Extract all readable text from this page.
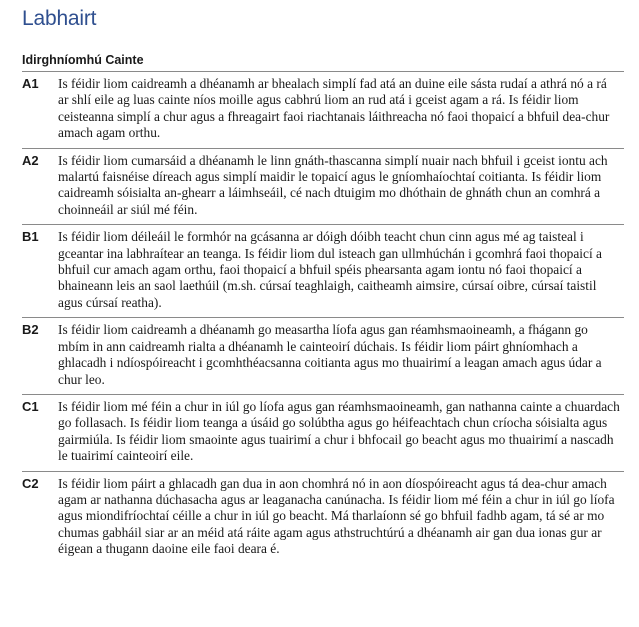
Labhairt
Idirghníomhú Cainte
A1	Is féidir liom caidreamh a dhéanamh ar bhealach simplí fad atá an duine eile sásta rudaí a athrá nó a rá ar shlí eile ag luas cainte níos moille agus cabhrú liom an rud atá i gceist agam a rá. Is féidir liom ceisteanna simplí a chur agus a fhreagairt faoi riachtanais láithreacha nó faoi thopaicí a bhfuil dea-chur amach agam orthu.
A2	Is féidir liom cumarsáid a dhéanamh le linn gnáth-thascanna simplí nuair nach bhfuil i gceist iontu ach malartú faisnéise díreach agus simplí maidir le topaicí agus le gníomhaíochtaí coitianta. Is féidir liom caidreamh sóisialta an-ghearr a láimhseáil, cé nach dtuigim mo dhóthain de ghnáth chun an comhrá a choinneáil ar siúl mé féin.
B1	Is féidir liom déileáil le formhór na gcásanna ar dóigh dóibh teacht chun cinn agus mé ag taisteal i gceantar ina labhraítear an teanga. Is féidir liom dul isteach gan ullmhúchán i gcomhrá faoi thopaicí a bhfuil cur amach agam orthu, faoi thopaicí a bhfuil spéis phearsanta agam iontu nó faoi thopaicí a bhaineann leis an saol laethúil (m.sh. cúrsaí teaghlaigh, caitheamh aimsire, cúrsaí oibre, cúrsaí taistil agus cúrsaí reatha).
B2	Is féidir liom caidreamh a dhéanamh go measartha líofa agus gan réamhsmaoineamh, a fhágann go mbím in ann caidreamh rialta a dhéanamh le cainteoirí dúchais. Is féidir liom páirt ghníomhach a ghlacadh i ndíospóireacht i gcomhthéacsanna coitianta agus mo thuairimí a leagan amach agus údar a chur leo.
C1	Is féidir liom mé féin a chur in iúl go líofa agus gan réamhsmaoineamh, gan nathanna cainte a chuardach go follasach. Is féidir liom teanga a úsáid go solúbtha agus go héifeachtach chun críocha sóisialta agus gairmiúla. Is féidir liom smaointe agus tuairimí a chur i bhfocail go beacht agus mo thuairimí a nascadh le tuairimí cainteoirí eile.
C2	Is féidir liom páirt a ghlacadh gan dua in aon chomhrá nó in aon díospóireacht agus tá dea-chur amach agam ar nathanna dúchasacha agus ar leaganacha canúnacha. Is féidir liom mé féin a chur in iúl go líofa agus miondifríochtaí céille a chur in iúl go beacht. Má tharlaíonn sé go bhfuil fadhb agam, tá sé ar mo chumas gabháil siar ar an méid atá ráite agam agus athstruchtúrú a dhéanamh air gan dua ionas gur ar éigean a thugann daoine eile faoi deara é.
